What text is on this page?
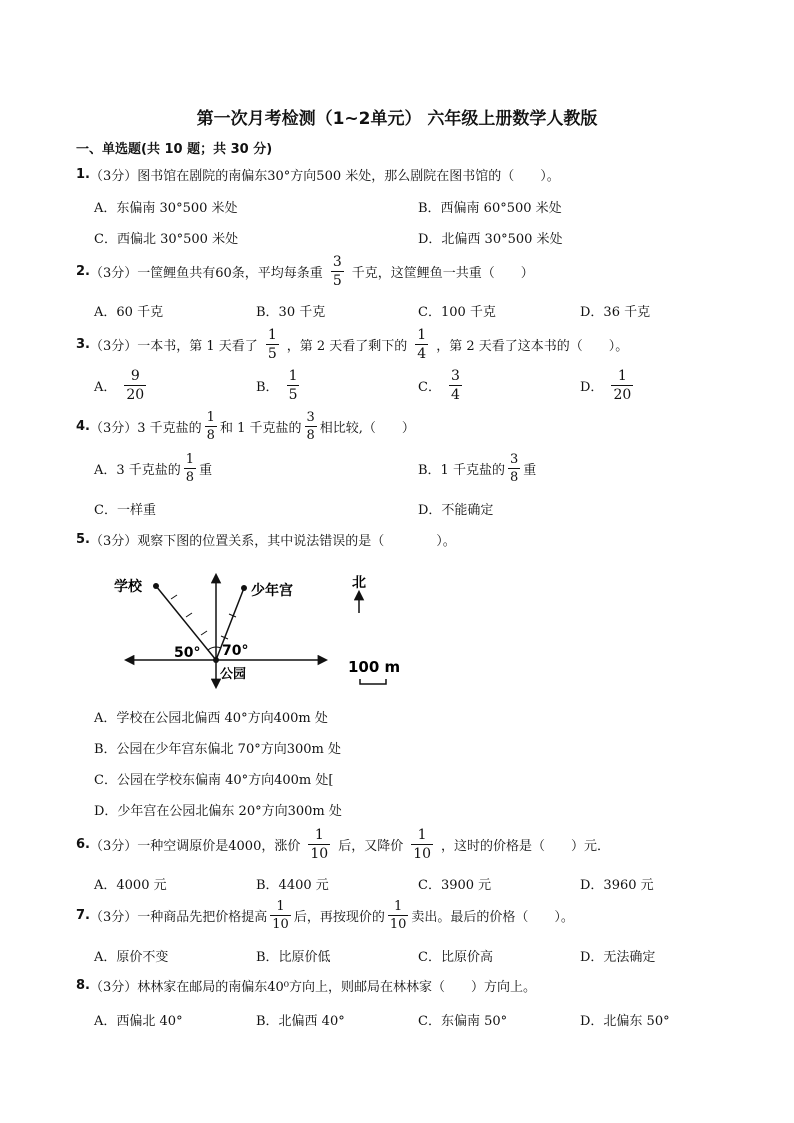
第一次月考检测（1~2单元） 六年级上册数学人教版
一、单选题(共 10 题；共 30 分)
1. （3分） 图书馆在剧院的南偏东30°方向500 米处，那么剧院在图书馆的（　　）。
A．东偏南 30°500 米处	B．西偏南 60°500 米处
C．西偏北 30°500 米处	D．北偏西 30°500 米处
2. （3分） 一筐鲤鱼共有60条，平均每条重 $\frac{3}{5}$ 千克，这筐鲤鱼一共重（　　）
A．60 千克	B．30 千克	C．100 千克	D．36 千克
3. （3分） 一本书，第 1 天看了 $\frac{1}{5}$ ，第 2 天看了剩下的 $\frac{1}{4}$ ，第 2 天看了这本书的（　　）。
A． $\frac{9}{20}$	B． $\frac{1}{5}$	C． $\frac{3}{4}$	D． $\frac{1}{20}$
4. （3分） 3 千克盐的 $\frac{1}{8}$ 和 1 千克盐的 $\frac{3}{8}$ 相比较,（　　）
A．3 千克盐的 $\frac{1}{8}$ 重	B．1 千克盐的 $\frac{3}{8}$ 重
C．一样重	D．不能确定
5. （3分） 观察下图的位置关系，其中说法错误的是（　　　　）。
学校	少年宫
50° 70°
公园
北
100 m
A．学校在公园北偏西 40°方向400m 处
B．公园在少年宫东偏北 70°方向300m 处
C．公园在学校东偏南 40°方向400m 处[
D．少年宫在公园北偏东 20°方向300m 处
6. （3分） 一种空调原价是4000，涨价 $\frac{1}{10}$ 后，又降价 $\frac{1}{10}$ ，这时的价格是（　　）元．
A．4000 元	B．4400 元	C．3900 元	D．3960 元
7. （3分） 一种商品先把价格提高 $\frac{1}{10}$ 后，再按现价的 $\frac{1}{10}$ 卖出。最后的价格（　　）。
A．原价不变	B．比原价低	C．比原价高	D．无法确定
8. （3分） 林林家在邮局的南偏东40⁰方向上，则邮局在林林家（　　）方向上。
A．西偏北 40°	B．北偏西 40°	C．东偏南 50°	D．北偏东 50°
